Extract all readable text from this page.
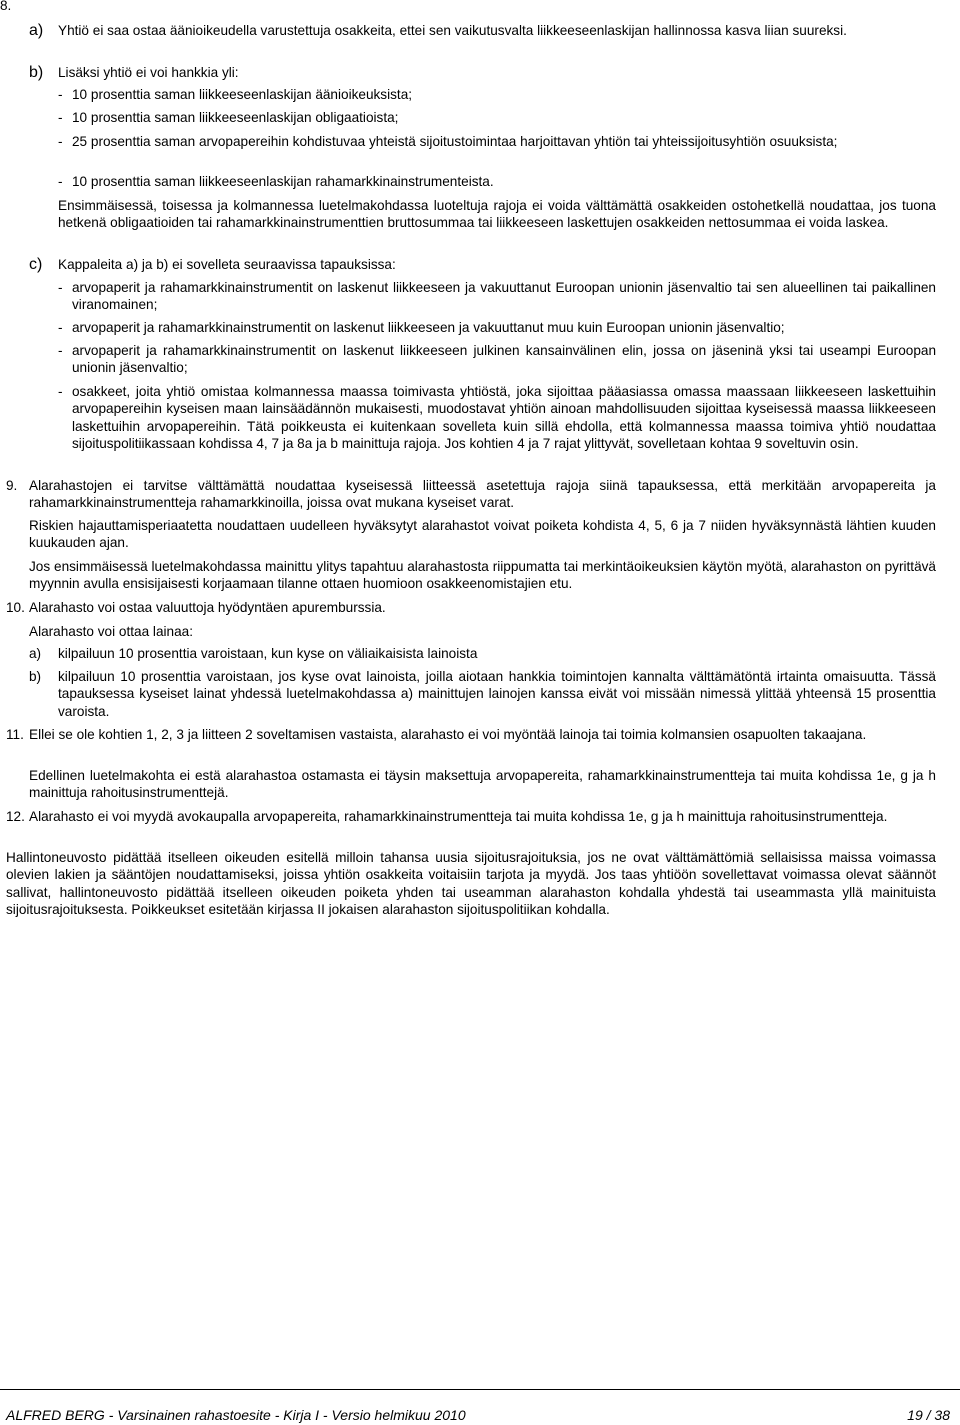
8.
a) Yhtiö ei saa ostaa äänioikeudella varustettuja osakkeita, ettei sen vaikutusvalta liikkeeseenlaskijan hallinnossa kasva liian suureksi.

b) Lisäksi yhtiö ei voi hankkia yli:

- 10 prosenttia saman liikkeeseenlaskijan äänioikeuksista;

- 10 prosenttia saman liikkeeseenlaskijan obligaatioista;

- 25 prosenttia saman arvopapereihin kohdistuvaa yhteistä sijoitustoimintaa harjoittavan yhtiön tai yhteissijoitusyhtiön osuuksista;

- 10 prosenttia saman liikkeeseenlaskijan rahamarkkinainstrumenteista.

Ensimmäisessä, toisessa ja kolmannessa luetelmakohdassa luoteltuja rajoja ei voida välttämättä osakkeiden ostohetkellä noudattaa, jos tuona hetkenä obligaatioiden tai rahamarkkinainstrumenttien bruttosummaa tai liikkeeseen laskettujen osakkeiden nettosummaa ei voida laskea.

c) Kappaleita a) ja b) ei sovelleta seuraavissa tapauksissa:

- arvopaperit ja rahamarkkinainstrumentit on laskenut liikkeeseen ja vakuuttanut Euroopan unionin jäsenvaltio tai sen alueellinen tai paikallinen viranomainen;

- arvopaperit ja rahamarkkinainstrumentit on laskenut liikkeeseen ja vakuuttanut muu kuin Euroopan unionin jäsenvaltio;

- arvopaperit ja rahamarkkinainstrumentit on laskenut liikkeeseen julkinen kansainvälinen elin, jossa on jäseninä yksi tai useampi Euroopan unionin jäsenvaltio;

- osakkeet, joita yhtiö omistaa kolmannessa maassa toimivasta yhtiöstä, joka sijoittaa pääasiassa omassa maassaan liikkeeseen laskettuihin arvopapereihin kyseisen maan lainsäädännön mukaisesti, muodostavat yhtiön ainoan mahdollisuuden sijoittaa kyseisessä maassa liikkeeseen laskettuihin arvopapereihin. Tätä poikkeusta ei kuitenkaan sovelleta kuin sillä ehdolla, että kolmannessa maassa toimiva yhtiö noudattaa sijoituspolitiikassaan kohdissa 4, 7 ja 8a ja b mainittuja rajoja. Jos kohtien 4 ja 7 rajat ylittyvät, sovelletaan kohtaa 9 soveltuvin osin.

9. Alarahastojen ei tarvitse välttämättä noudattaa kyseisessä liitteessä asetettuja rajoja siinä tapauksessa, että merkitään arvopapereita ja rahamarkkinainstrumentteja rahamarkkinoilla, joissa ovat mukana kyseiset varat.

Riskien hajauttamisperiaatetta noudattaen uudelleen hyväksytyt alarahastot voivat poiketa kohdista 4, 5, 6 ja 7 niiden hyväksynnästä lähtien kuuden kuukauden ajan.

Jos ensimmäisessä luetelmakohdassa mainittu ylitys tapahtuu alarahastosta riippumatta tai merkintäoikeuksien käytön myötä, alarahaston on pyrittävä myynnin avulla ensisijaisesti korjaamaan tilanne ottaen huomioon osakkeenomistajien etu.

10. Alarahasto voi ostaa valuuttoja hyödyntäen apuremburssia.

Alarahasto voi ottaa lainaa:

a) kilpailuun 10 prosenttia varoistaan, kun kyse on väliaikaisista lainoista

b) kilpailuun 10 prosenttia varoistaan, jos kyse ovat lainoista, joilla aiotaan hankkia toimintojen kannalta välttämätöntä irtainta omaisuutta. Tässä tapauksessa kyseiset lainat yhdessä luetelmakohdassa a) mainittujen lainojen kanssa eivät voi missään nimessä ylittää yhteensä 15 prosenttia varoista.

11. Ellei se ole kohtien 1, 2, 3 ja liitteen 2 soveltamisen vastaista, alarahasto ei voi myöntää lainoja tai toimia kolmansien osapuolten takaajana.

Edellinen luetelmakohta ei estä alarahastoa ostamasta ei täysin maksettuja arvopapereita, rahamarkkinainstrumentteja tai muita kohdissa 1e, g ja h mainittuja rahoitusinstrumenttejä.

12. Alarahasto ei voi myydä avokaupalla arvopapereita, rahamarkkinainstrumentteja tai muita kohdissa 1e, g ja h mainittuja rahoitusinstrumentteja.

Hallintoneuvosto pidättää itselleen oikeuden esitellä milloin tahansa uusia sijoitusrajoituksia, jos ne ovat välttämättömiä sellaisissa maissa voimassa olevien lakien ja sääntöjen noudattamiseksi, joissa yhtiön osakkeita voitaisiin tarjota ja myydä. Jos taas yhtiöön sovellettavat voimassa olevat säännöt sallivat, hallintoneuvosto pidättää itselleen oikeuden poiketa yhden tai useamman alarahaston kohdalla yhdestä tai useammasta yllä mainituista sijoitusrajoituksesta. Poikkeukset esitetään kirjassa II jokaisen alarahaston sijoituspolitiikan kohdalla.

ALFRED BERG - Varsinainen rahastoesite - Kirja I - Versio helmikuu 2010	19 / 38
